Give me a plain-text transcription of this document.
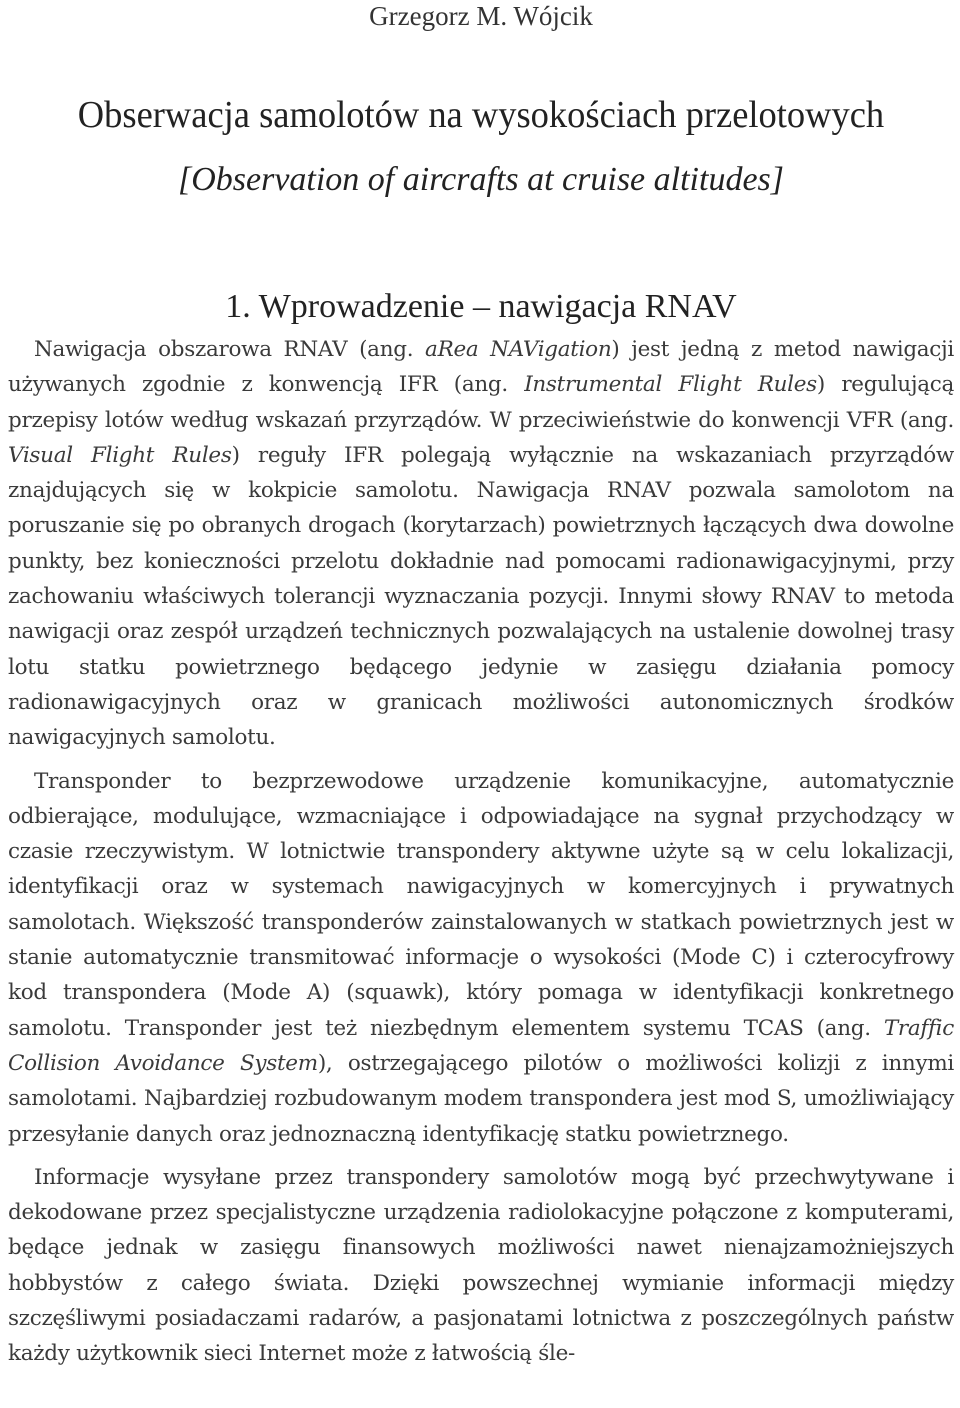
Grzegorz M. Wójcik

Obserwacja samolotów na wysokościach przelotowych

[Observation of aircrafts at cruise altitudes]

1. Wprowadzenie – nawigacja RNAV

Nawigacja obszarowa RNAV (ang. aRea NAVigation) jest jedną z metod nawigacji używanych zgodnie z konwencją IFR (ang. Instrumental Flight Rules) regulującą przepisy lotów według wskazań przyrządów. W przeciwieństwie do konwencji VFR (ang. Visual Flight Rules) reguły IFR polegają wyłącznie na wskazaniach przyrządów znajdujących się w kokpicie samolotu. Nawigacja RNAV pozwala samolotom na poruszanie się po obranych drogach (korytarzach) powietrznych łączących dwa dowolne punkty, bez konieczności przelotu dokładnie nad pomocami radionawigacyjnymi, przy zachowaniu właściwych tolerancji wyznaczania pozycji. Innymi słowy RNAV to metoda nawigacji oraz zespół urządzeń technicznych pozwalających na ustalenie dowolnej trasy lotu statku powietrznego będącego jedynie w zasięgu działania pomocy radionawigacyjnych oraz w granicach możliwości autonomicznych środków nawigacyjnych samolotu.

Transponder to bezprzewodowe urządzenie komunikacyjne, automatycznie odbierające, modulujące, wzmacniające i odpowiadające na sygnał przychodzący w czasie rzeczywistym. W lotnictwie transpondery aktywne użyte są w celu lokalizacji, identyfikacji oraz w systemach nawigacyjnych w komercyjnych i prywatnych samolotach. Większość transponderów zainstalowanych w statkach powietrznych jest w stanie automatycznie transmitować informacje o wysokości (Mode C) i czterocyfrowy kod transpondera (Mode A) (squawk), który pomaga w identyfikacji konkretnego samolotu. Transponder jest też niezbędnym elementem systemu TCAS (ang. Traffic Collision Avoidance System), ostrzegającego pilotów o możliwości kolizji z innymi samolotami. Najbardziej rozbudowanym modem transpondera jest mod S, umożliwiający przesyłanie danych oraz jednoznaczną identyfikację statku powietrznego.

Informacje wysyłane przez transpondery samolotów mogą być przechwytywane i dekodowane przez specjalistyczne urządzenia radiolokacyjne połączone z komputerami, będące jednak w zasięgu finansowych możliwości nawet nienajzamożniejszych hobbystów z całego świata. Dzięki powszechnej wymianie informacji między szczęśliwymi posiadaczami radarów, a pasjonatami lotnictwa z poszczególnych państw każdy użytkownik sieci Internet może z łatwością śle-
